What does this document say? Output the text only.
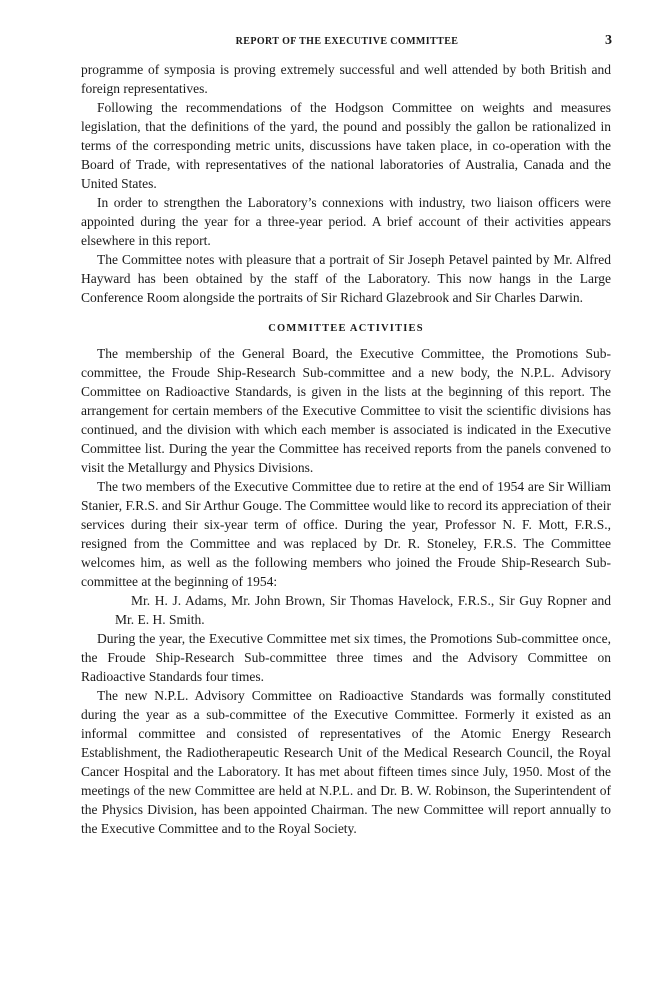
REPORT OF THE EXECUTIVE COMMITTEE	3

programme of symposia is proving extremely successful and well attended by both British and foreign representatives.

Following the recommendations of the Hodgson Committee on weights and measures legislation, that the definitions of the yard, the pound and possibly the gallon be rationalized in terms of the corresponding metric units, discussions have taken place, in co-operation with the Board of Trade, with representatives of the national laboratories of Australia, Canada and the United States.

In order to strengthen the Laboratory’s connexions with industry, two liaison officers were appointed during the year for a three-year period. A brief account of their activities appears elsewhere in this report.

The Committee notes with pleasure that a portrait of Sir Joseph Petavel painted by Mr. Alfred Hayward has been obtained by the staff of the Laboratory. This now hangs in the Large Conference Room alongside the portraits of Sir Richard Glazebrook and Sir Charles Darwin.

COMMITTEE ACTIVITIES

The membership of the General Board, the Executive Committee, the Promotions Sub-committee, the Froude Ship-Research Sub-committee and a new body, the N.P.L. Advisory Committee on Radioactive Standards, is given in the lists at the beginning of this report. The arrangement for certain members of the Executive Committee to visit the scientific divisions has continued, and the division with which each member is associated is indicated in the Executive Committee list. During the year the Committee has received reports from the panels convened to visit the Metallurgy and Physics Divisions.

The two members of the Executive Committee due to retire at the end of 1954 are Sir William Stanier, F.R.S. and Sir Arthur Gouge. The Committee would like to record its appreciation of their services during their six-year term of office. During the year, Professor N. F. Mott, F.R.S., resigned from the Committee and was replaced by Dr. R. Stoneley, F.R.S. The Committee welcomes him, as well as the following members who joined the Froude Ship-Research Sub-committee at the beginning of 1954:

Mr. H. J. Adams, Mr. John Brown, Sir Thomas Havelock, F.R.S., Sir Guy Ropner and Mr. E. H. Smith.

During the year, the Executive Committee met six times, the Promotions Sub-committee once, the Froude Ship-Research Sub-committee three times and the Advisory Committee on Radioactive Standards four times.

The new N.P.L. Advisory Committee on Radioactive Standards was formally constituted during the year as a sub-committee of the Executive Committee. Formerly it existed as an informal committee and consisted of representatives of the Atomic Energy Research Establishment, the Radiotherapeutic Research Unit of the Medical Research Council, the Royal Cancer Hospital and the Laboratory. It has met about fifteen times since July, 1950. Most of the meetings of the new Committee are held at N.P.L. and Dr. B. W. Robinson, the Superintendent of the Physics Division, has been appointed Chairman. The new Committee will report annually to the Executive Committee and to the Royal Society.
